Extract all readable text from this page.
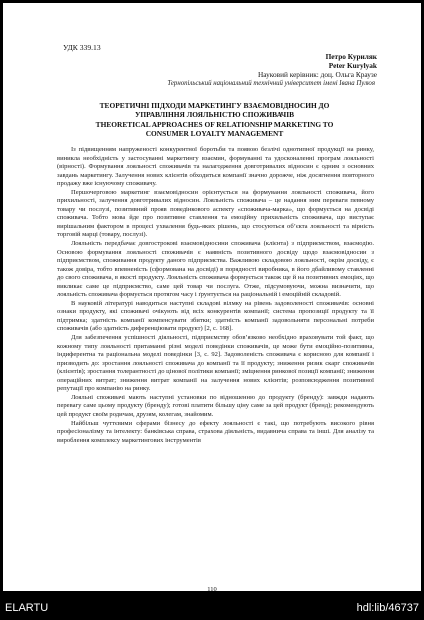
УДК 339.13
Петро Куриляк
Peter Kurylyak
Науковий керівник: доц. Ольга Краузе
Тернопільський національний технічний університет імені Івана Пулюя
ТЕОРЕТИЧНІ ПІДХОДИ МАРКЕТИНГУ ВЗАЄМОВІДНОСИН ДО
УПРАВЛІННЯ ЛОЯЛЬНІСТЮ СПОЖИВАЧІВ
THEORETICAL APPROACHES OF RELATIONSHIP MARKETING TO
CONSUMER LOYALTY MANAGEMENT

Із підвищенням напруженості конкурентної боротьби та появою безлічі однотипної продукції на ринку, виникла необхідність у застосуванні маркетингу взаємин, формуванні та удосконаленні програм лояльності (вірності). Формування лояльності споживачів та налагодження довготривалих відносин є одним з основних завдань маркетингу. Залучення нових клієнтів обходиться компанії значно дорожче, ніж досягнення повторного продажу вже існуючому споживачу.

Першочерговою маркетинг взаємовідносин орієнтується на формування лояльності споживача, його прихильності, залучення довготривалих відносин. Лояльність споживача – це надання ним переваги певному товару чи послузі, позитивний прояв поведінкового аспекту «споживача-марка», що формується на досвіді споживача. Тобто мова йде про позитивне ставлення та емоційну прихильність споживача, що виступає вирішальним фактором в процесі ухвалення будь-яких рішень, що стосуються об’єкта лояльності та вірність торговій марці (товару, послузі).

Лояльність передбачає довгострокові взаємовідносини споживача (клієнта) з підприємством, взаємодію. Основою формування лояльності споживачів є наявність позитивного досвіду щодо взаємовідносин з підприємством, споживання продукту даного підприємства. Важливою складовою лояльності, окрім досвіду, є також довіра, тобто впевненість (сформована на досвіді) в порядності виробника, в його дбайливому ставленні до свого споживача, в якості продукту. Лояльність споживача формується також ще й на позитивних емоціях, що викликає саме це підприємство, саме цей товар чи послуга. Отже, підсумовуючи, можна визначити, що лояльність споживача формується протягом часу і ґрунтується на раціональній і емоційній складовій.

В науковій літературі наводиться наступні складові вілмку на рівень задоволеності споживачів: основні ознаки продукту, які споживачі очікують від всіх конкурентів компанії; система пропозиції продукту та її підтримка; здатність компанії компенсувати збитки; здатність компанії задовольняти персональні потреби споживачів (або здатність диференціювати продукт) [2, с. 168].

Для забезпечення успішності діяльності, підприємству обов’язково необхідно враховувати той факт, що кожному типу лояльності притаманні різні моделі поведінки споживачів, це може бути емоційно-позитивна, індиферентна та раціональна моделі поведінки [3, с. 92]. Задоволеність споживача є корисною для компанії і призводить до: зростання лояльності споживача до компанії та її продукту; зниження ризик скарг споживачів (клієнтів); зростання толерантності до цінової політики компанії; зміцнення ринкової позиції компанії; зниження операційних витрат; зниження витрат компанії на залучення нових клієнтів; розповсюдження позитивної репутації про компанію на ринку.

Лояльні споживачі мають наступні установки по відношенню до продукту (бренду): завжди надають перевагу саме цьому продукту (бренду); готові платити більшу ціну саме за цей продукт (бренд); рекомендують цей продукт своїм родичам, друзям, колегам, знайомим.

Найбільш чуттєвими сферами бізнесу до ефекту лояльності є такі, що потребують високого рівня професіоналізму та інтелекту: банківська справа, страхова діяльність, видавнича справа та інші. Для аналізу та вироблення комплексу маркетингових інструментів

110
ELARTU	hdl:lib/46737
